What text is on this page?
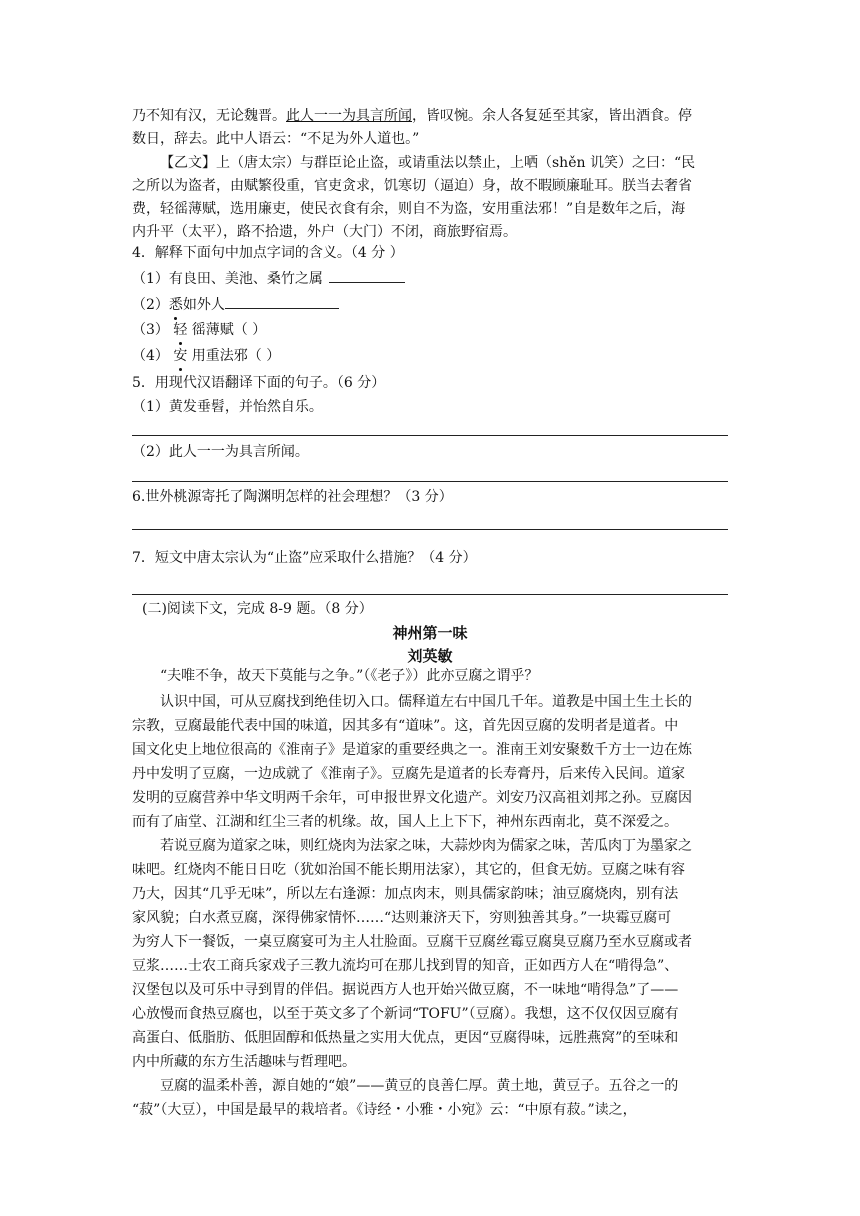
乃不知有汉，无论魏晋。此人一一为具言所闻，皆叹惋。余人各复延至其家，皆出酒食。停
数日，辞去。此中人语云：“不足为外人道也。”
【乙文】上（唐太宗）与群臣论止盗，或请重法以禁止，上哂（shěn 讥笑）之曰：“民
之所以为盗者，由赋繁役重，官吏贪求，饥寒切（逼迫）身，故不暇顾廉耻耳。朕当去奢省
费，轻徭薄赋，选用廉吏，使民衣食有余，则自不为盗，安用重法邪！”自是数年之后，海
内升平（太平），路不拾遗，外户（大门）不闭，商旅野宿焉。
4．解释下面句中加点字词的含义。（4 分 ）
（1）有良田、美池、桑竹之属
（2）悉如外人
（3） 轻 徭薄赋（ ）
（4） 安 用重法邪（ ）
5．用现代汉语翻译下面的句子。（6 分）
（1）黄发垂髫，并怡然自乐。
（2）此人一一为具言所闻。
6.世外桃源寄托了陶渊明怎样的社会理想？（3 分）
7．短文中唐太宗认为“止盗”应采取什么措施？（4 分）
(二)阅读下文，完成 8-9 题。（8 分）
神州第一味
刘英敏
“夫唯不争，故天下莫能与之争。”（《老子》）此亦豆腐之谓乎？
认识中国，可从豆腐找到绝佳切入口。儒释道左右中国几千年。道教是中国土生土长的
宗教，豆腐最能代表中国的味道，因其多有“道味”。这，首先因豆腐的发明者是道者。中
国文化史上地位很高的《淮南子》是道家的重要经典之一。淮南王刘安聚数千方士一边在炼
丹中发明了豆腐，一边成就了《淮南子》。豆腐先是道者的长寿膏丹，后来传入民间。道家
发明的豆腐营养中华文明两千余年，可申报世界文化遗产。刘安乃汉高祖刘邦之孙。豆腐因
而有了庙堂、江湖和红尘三者的机缘。故，国人上上下下，神州东西南北，莫不深爱之。
若说豆腐为道家之味，则红烧肉为法家之味，大蒜炒肉为儒家之味，苦瓜肉丁为墨家之
味吧。红烧肉不能日日吃（犹如治国不能长期用法家），其它的，但食无妨。豆腐之味有容
乃大，因其“几乎无味”，所以左右逢源：加点肉末，则具儒家韵味；油豆腐烧肉，别有法
家风貌；白水煮豆腐，深得佛家情怀……“达则兼济天下，穷则独善其身。”一块霉豆腐可
为穷人下一餐饭，一桌豆腐宴可为主人壮脸面。豆腐干豆腐丝霉豆腐臭豆腐乃至水豆腐或者
豆浆……士农工商兵家戏子三教九流均可在那儿找到胃的知音，正如西方人在“啃得急”、
汉堡包以及可乐中寻到胃的伴侣。据说西方人也开始兴做豆腐，不一味地“啃得急”了——
心放慢而食热豆腐也，以至于英文多了个新词“TOFU”（豆腐）。我想，这不仅仅因豆腐有
高蛋白、低脂肪、低胆固醇和低热量之实用大优点，更因“豆腐得味，远胜燕窝”的至味和
内中所藏的东方生活趣味与哲理吧。
豆腐的温柔朴善，源自她的“娘”——黄豆的良善仁厚。黄土地，黄豆子。五谷之一的
“菽”（大豆），中国是最早的栽培者。《诗经・小雅・小宛》云：“中原有菽。”读之，
